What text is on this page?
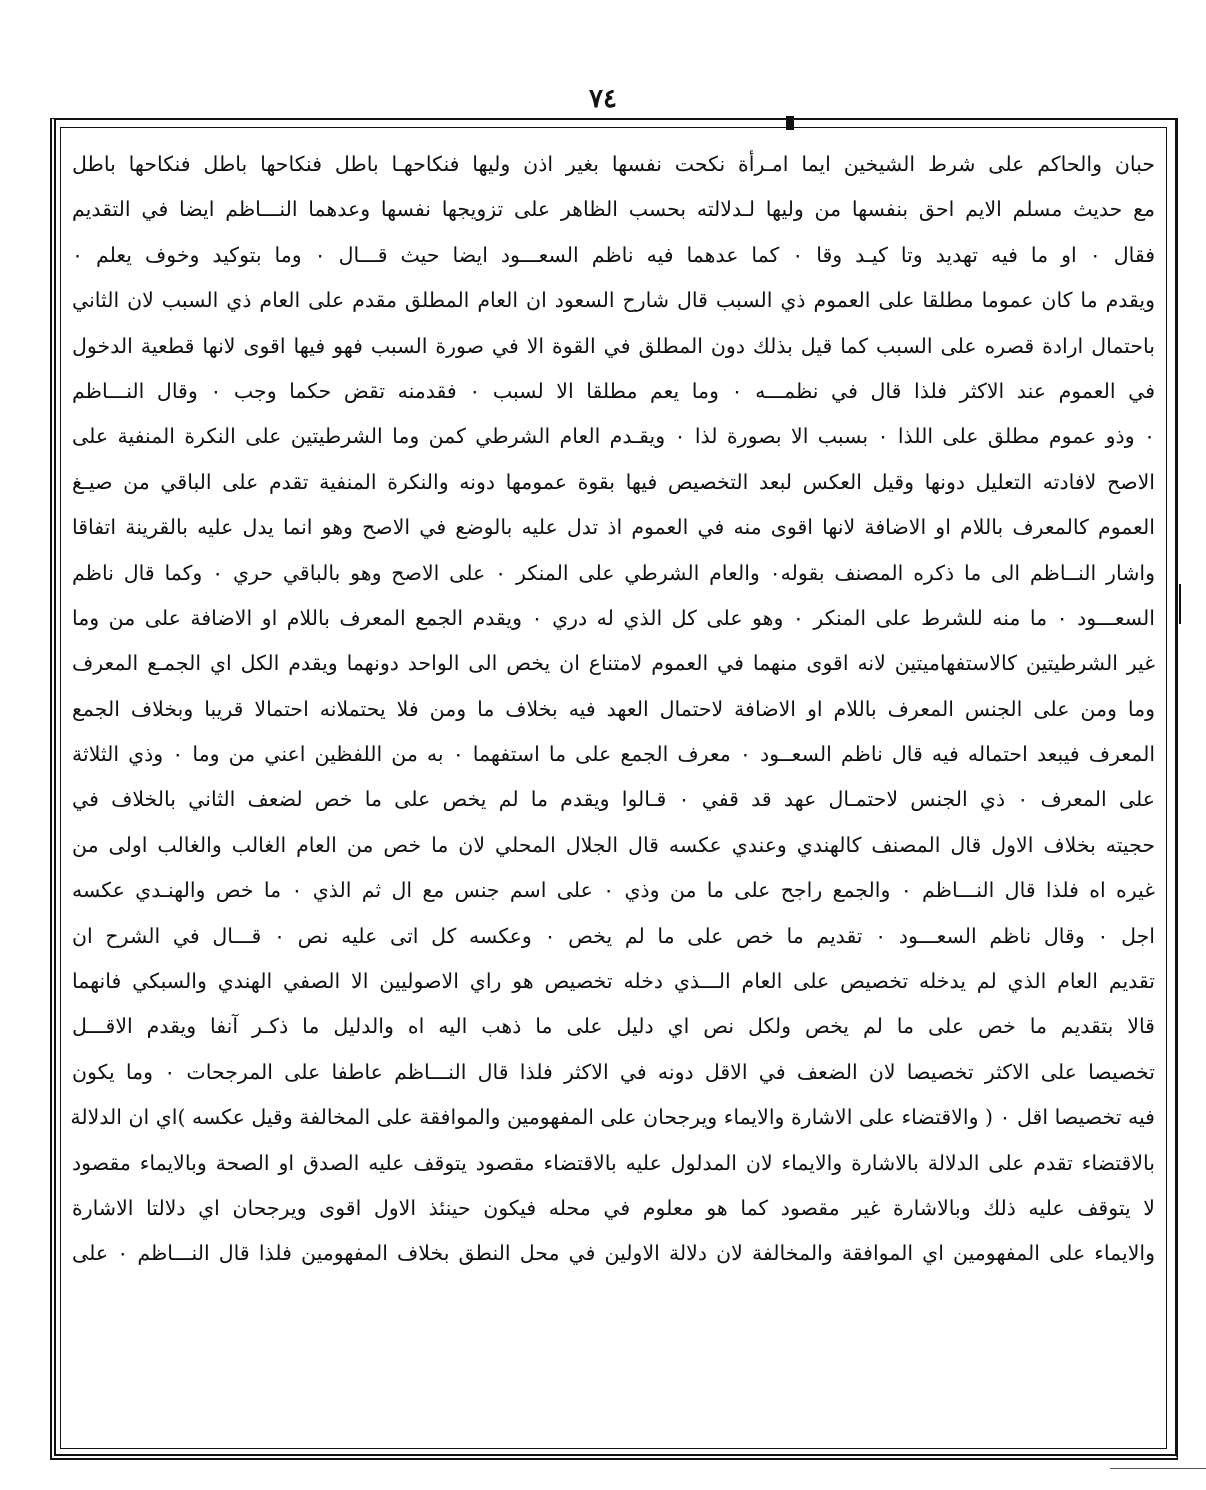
٧٤
حبان والحاكم على شرط الشيخين ايما امـرأة نكحت نفسها بغير اذن وليها فنكاحهـا باطل فنكاحها باطل فنكاحها باطل
مع حديث مسلم الايم احق بنفسها من وليها لـدلالته بحسب الظاهر على تزويجها نفسها وعدهما النـــاظم ايضا في التقديم
فقال ٠ او ما فيه تهديد وتا كيـد وقا ٠ كما عدهما فيه ناظم السعـــود ايضا حيث قـــال ٠ وما بتوكيد وخوف يعلم ٠
ويقدم ما كان عموما مطلقا على العموم ذي السبب قال شارح السعود ان العام المطلق مقدم على العام ذي السبب لان الثاني
باحتمال ارادة قصره على السبب كما قيل بذلك دون المطلق في القوة الا في صورة السبب فهو فيها اقوى لانها قطعية الدخول
في العموم عند الاكثر فلذا قال في نظمـــه ٠ وما يعم مطلقا الا لسبب ٠ فقدمنه تقض حكما وجب ٠ وقال النـــاظم
٠ وذو عموم مطلق على اللذا ٠ بسبب الا بصورة لذا ٠ ويقـدم العام الشرطي كمن وما الشرطيتين على النكرة المنفية على
الاصح لافادته التعليل دونها وقيل العكس لبعد التخصيص فيها بقوة عمومها دونه والنكرة المنفية تقدم على الباقي من صيـغ
العموم كالمعرف باللام او الاضافة لانها اقوى منه في العموم اذ تدل عليه بالوضع في الاصح وهو انما يدل عليه بالقرينة اتفاقا
واشار النــاظم الى ما ذكره المصنف بقوله٠ والعام الشرطي على المنكر ٠ على الاصح وهو بالباقي حري ٠ وكما قال ناظم
السعـــود ٠ ما منه للشرط على المنكر ٠ وهو على كل الذي له دري ٠ ويقدم الجمع المعرف باللام او الاضافة على من وما
غير الشرطيتين كالاستفهاميتين لانه اقوى منهما في العموم لامتناع ان يخص الى الواحد دونهما ويقدم الكل اي الجمـع المعرف
وما ومن على الجنس المعرف باللام او الاضافة لاحتمال العهد فيه بخلاف ما ومن فلا يحتملانه احتمالا قريبا وبخلاف الجمع
المعرف فيبعد احتماله فيه قال ناظم السعــود ٠ معرف الجمع على ما استفهما ٠ به من اللفظين اعني من وما ٠ وذي الثلاثة
على المعرف ٠ ذي الجنس لاحتمـال عهد قد قفي ٠ قـالوا ويقدم ما لم يخص على ما خص لضعف الثاني بالخلاف في
حجيته بخلاف الاول قال المصنف كالهندي وعندي عكسه قال الجلال المحلي لان ما خص من العام الغالب والغالب اولى من
غيره اه فلذا قال النـــاظم ٠ والجمع راجح على ما من وذي ٠ على اسم جنس مع ال ثم الذي ٠ ما خص والهنـدي عكسه
اجل ٠ وقال ناظم السعـــود ٠ تقديم ما خص على ما لم يخص ٠ وعكسه كل اتى عليه نص ٠ قـــال في الشرح ان
تقديم العام الذي لم يدخله تخصيص على العام الـــذي دخله تخصيص هو راي الاصوليين الا الصفي الهندي والسبكي فانهما
قالا بتقديم ما خص على ما لم يخص ولكل نص اي دليل على ما ذهب اليه اه والدليل ما ذكـر آنفا ويقدم الاقـــل
تخصيصا على الاكثر تخصيصا لان الضعف في الاقل دونه في الاكثر فلذا قال النـــاظم عاطفا على المرجحات ٠ وما يكون
فيه تخصيصا اقل ٠ ( والاقتضاء على الاشارة والايماء ويرجحان على المفهومين والموافقة على المخالفة وقيل عكسه )اي ان الدلالة
بالاقتضاء تقدم على الدلالة بالاشارة والايماء لان المدلول عليه بالاقتضاء مقصود يتوقف عليه الصدق او الصحة وبالايماء مقصود
لا يتوقف عليه ذلك وبالاشارة غير مقصود كما هو معلوم في محله فيكون حينئذ الاول اقوى ويرجحان اي دلالتا الاشارة
والايماء على المفهومين اي الموافقة والمخالفة لان دلالة الاولين في محل النطق بخلاف المفهومين فلذا قال النـــاظم ٠ على
